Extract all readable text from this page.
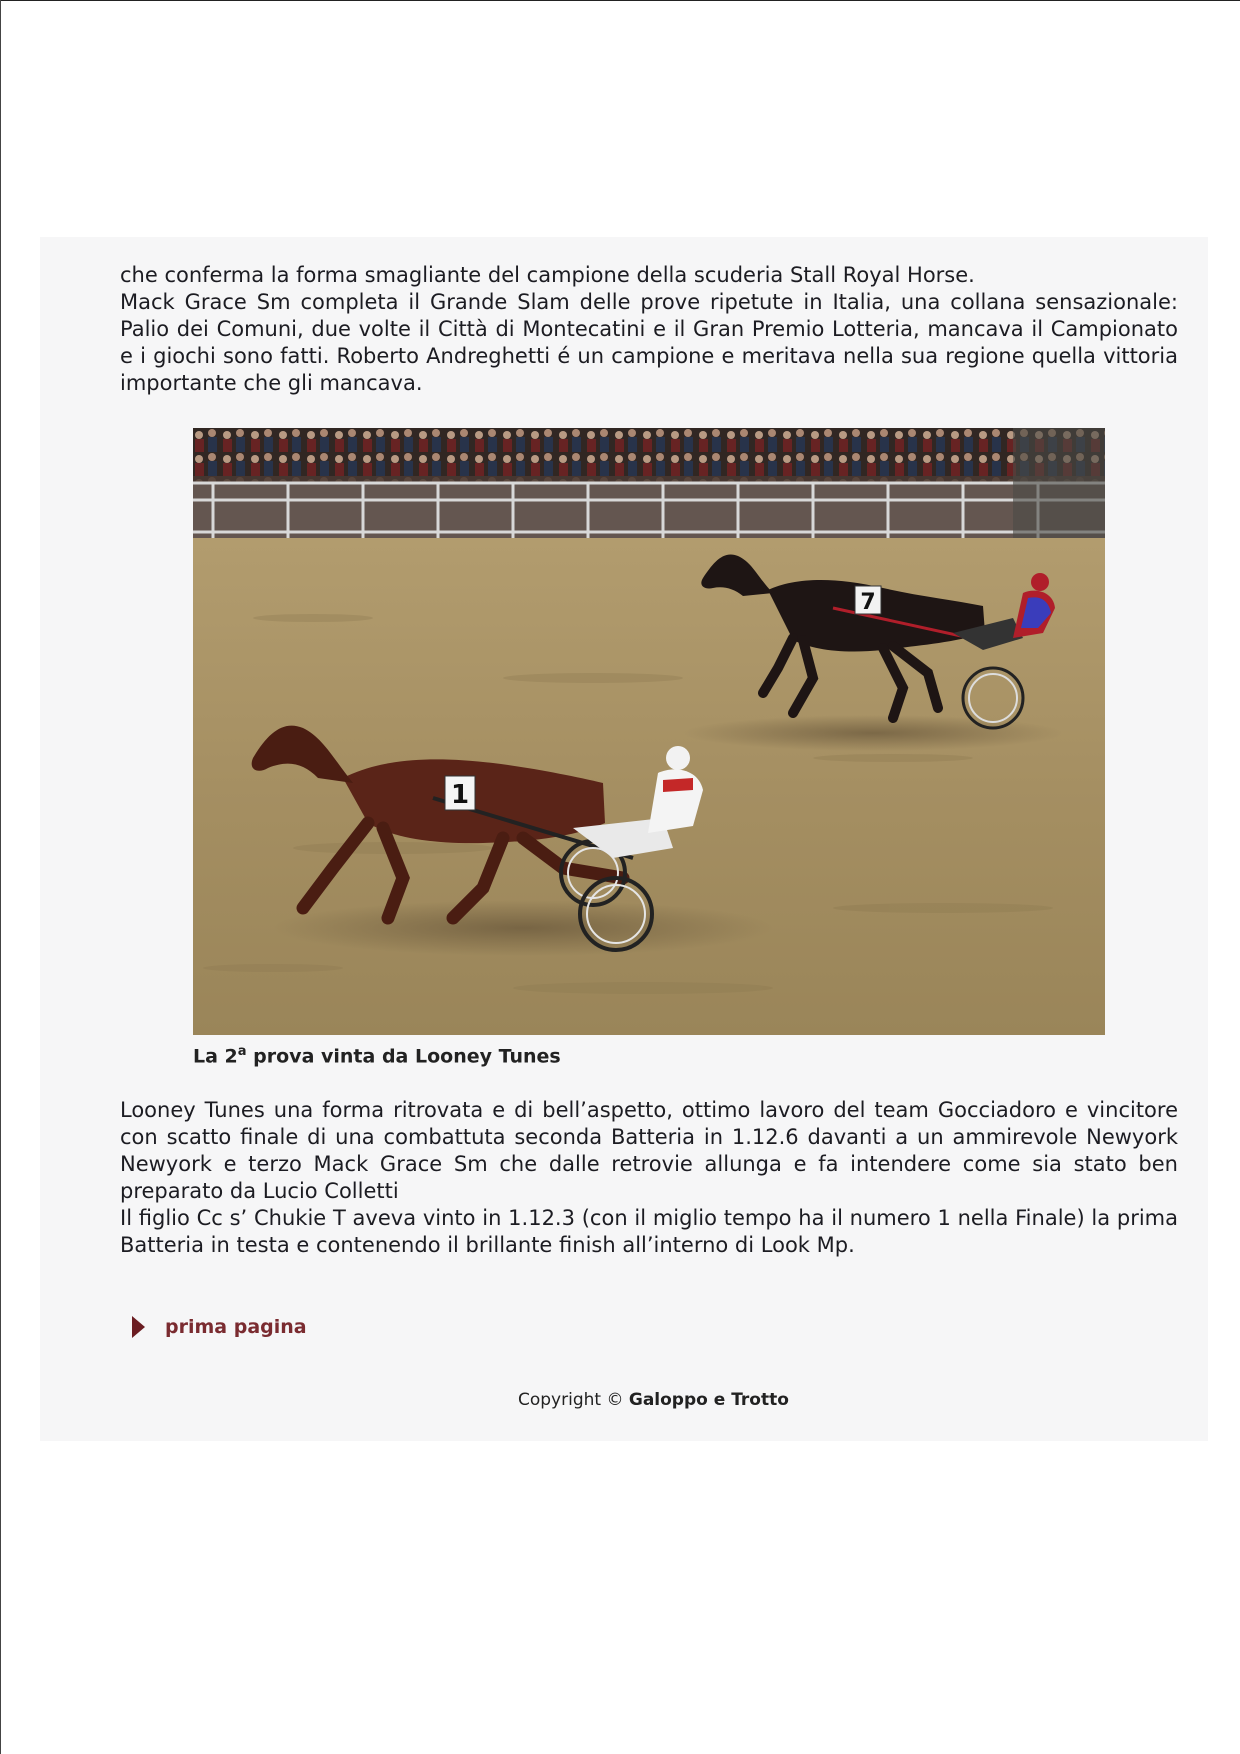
che conferma la forma smagliante del campione della scuderia Stall Royal Horse.

Mack Grace Sm completa il Grande Slam delle prove ripetute in Italia, una collana sensazionale: Palio dei Comuni, due volte il Città di Montecatini e il Gran Premio Lotteria, mancava il Campionato e i giochi sono fatti. Roberto Andreghetti é un campione e meritava nella sua regione quella vittoria importante che gli mancava.

7
1
La 2$^a$ prova vinta da Looney Tunes

Looney Tunes una forma ritrovata e di bell’aspetto, ottimo lavoro del team Gocciadoro e vincitore con scatto finale di una combattuta seconda Batteria in 1.12.6 davanti a un ammirevole Newyork Newyork e terzo Mack Grace Sm che dalle retrovie allunga e fa intendere come sia stato ben preparato da Lucio Colletti

Il figlio Cc s’ Chukie T aveva vinto in 1.12.3 (con il miglio tempo ha il numero 1 nella Finale) la prima Batteria in testa e contenendo il brillante finish all’interno di Look Mp.

prima pagina
Copyright © Galoppo e Trotto
